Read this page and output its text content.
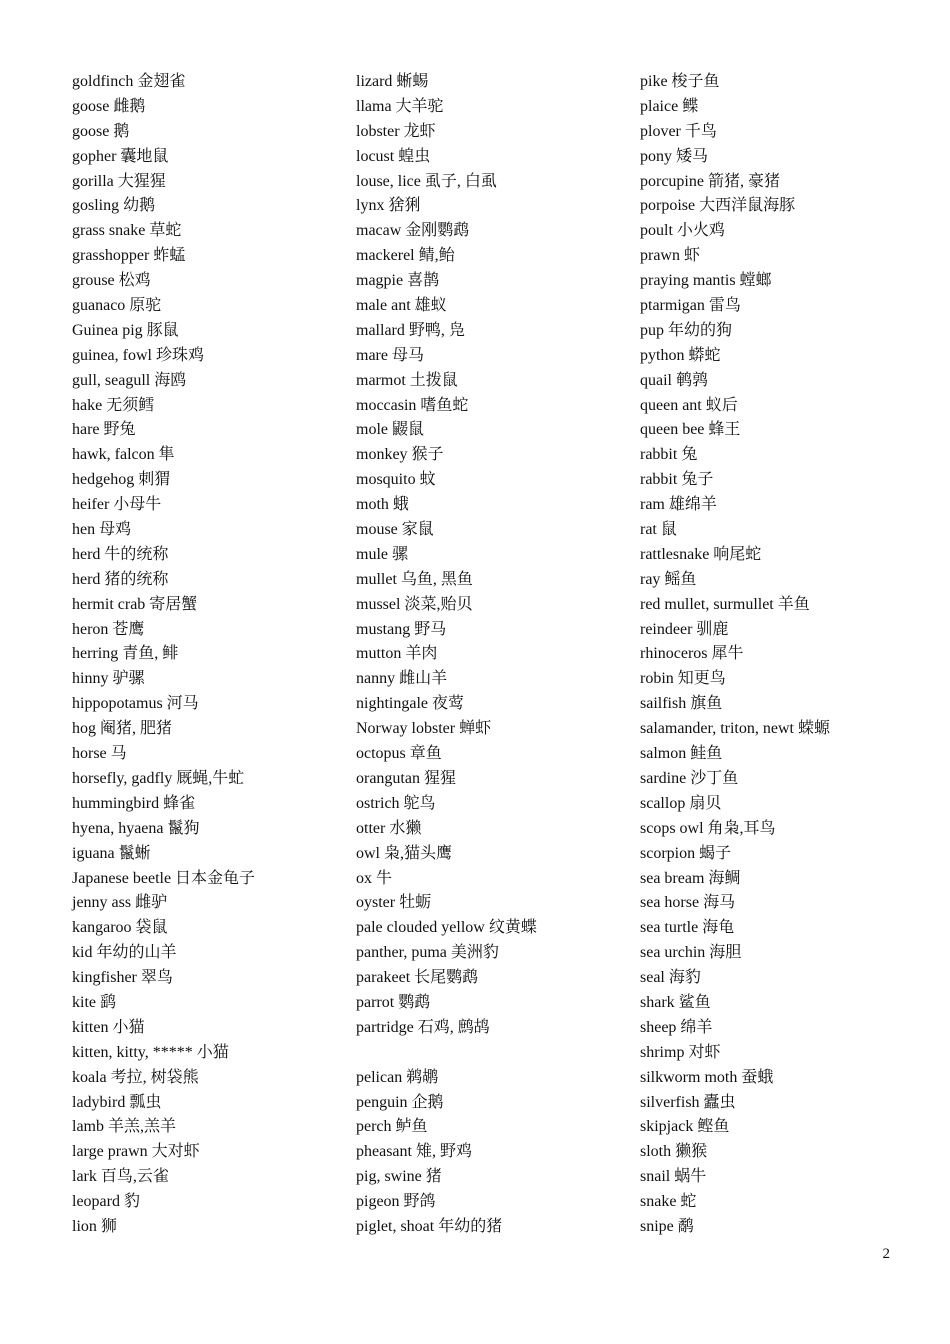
goldfinch 金翅雀
goose 雌鹅
goose 鹅
gopher 囊地鼠
gorilla 大猩猩
gosling 幼鹅
grass snake 草蛇
grasshopper 蚱蜢
grouse 松鸡
guanaco 原驼
Guinea pig 豚鼠
guinea, fowl 珍珠鸡
gull, seagull 海鸥
hake 无须鳕
hare 野兔
hawk, falcon 隼
hedgehog 刺猬
heifer 小母牛
hen 母鸡
herd 牛的统称
herd 猪的统称
hermit crab 寄居蟹
heron 苍鹰
herring 青鱼, 鲱
hinny 驴骡
hippopotamus 河马
hog 阉猪, 肥猪
horse 马
horsefly, gadfly 厩蝇,牛虻
hummingbird 蜂雀
hyena, hyaena 鬣狗
iguana 鬣蜥
Japanese beetle 日本金龟子
jenny ass 雌驴
kangaroo 袋鼠
kid 年幼的山羊
kingfisher 翠鸟
kite 鹞
kitten 小猫
kitten, kitty, ***** 小猫
koala 考拉, 树袋熊
ladybird 瓢虫
lamb 羊羔,羔羊
large prawn 大对虾
lark 百鸟,云雀
leopard 豹
lion 狮
lizard 蜥蜴
llama 大羊驼
lobster 龙虾
locust 蝗虫
louse, lice 虱子, 白虱
lynx 猞猁
macaw 金刚鹦鹉
mackerel 鲭,鲐
magpie 喜鹊
male ant 雄蚁
mallard 野鸭, 凫
mare 母马
marmot 土拨鼠
moccasin 嗜鱼蛇
mole 鼹鼠
monkey 猴子
mosquito 蚊
moth 蛾
mouse 家鼠
mule 骡
mullet 乌鱼, 黑鱼
mussel 淡菜,贻贝
mustang 野马
mutton 羊肉
nanny 雌山羊
nightingale 夜莺
Norway lobster 蝉虾
octopus 章鱼
orangutan 猩猩
ostrich 鸵鸟
otter 水獭
owl 枭,猫头鹰
ox 牛
oyster 牡蛎
pale clouded yellow 纹黄蝶
panther, puma 美洲豹
parakeet 长尾鹦鹉
parrot 鹦鹉
partridge 石鸡, 鹧鸪
pelican 鹈鹕
penguin 企鹅
perch 鲈鱼
pheasant 雉, 野鸡
pig, swine 猪
pigeon 野鸽
piglet, shoat 年幼的猪
pike 梭子鱼
plaice 鲽
plover 千鸟
pony 矮马
porcupine 箭猪, 豪猪
porpoise 大西洋鼠海豚
poult 小火鸡
prawn 虾
praying mantis 螳螂
ptarmigan 雷鸟
pup 年幼的狗
python 蟒蛇
quail 鹌鹑
queen ant 蚁后
queen bee 蜂王
rabbit 兔
rabbit 兔子
ram 雄绵羊
rat 鼠
rattlesnake 响尾蛇
ray 鳐鱼
red mullet, surmullet 羊鱼
reindeer 驯鹿
rhinoceros 犀牛
robin 知更鸟
sailfish 旗鱼
salamander, triton, newt 蝾螈
salmon 鲑鱼
sardine 沙丁鱼
scallop 扇贝
scops owl 角枭,耳鸟
scorpion 蝎子
sea bream 海鲷
sea horse 海马
sea turtle 海龟
sea urchin 海胆
seal 海豹
shark 鲨鱼
sheep 绵羊
shrimp 对虾
silkworm moth 蚕蛾
silverfish 蠹虫
skipjack 鲣鱼
sloth 獭猴
snail 蜗牛
snake 蛇
snipe 鹬
2
